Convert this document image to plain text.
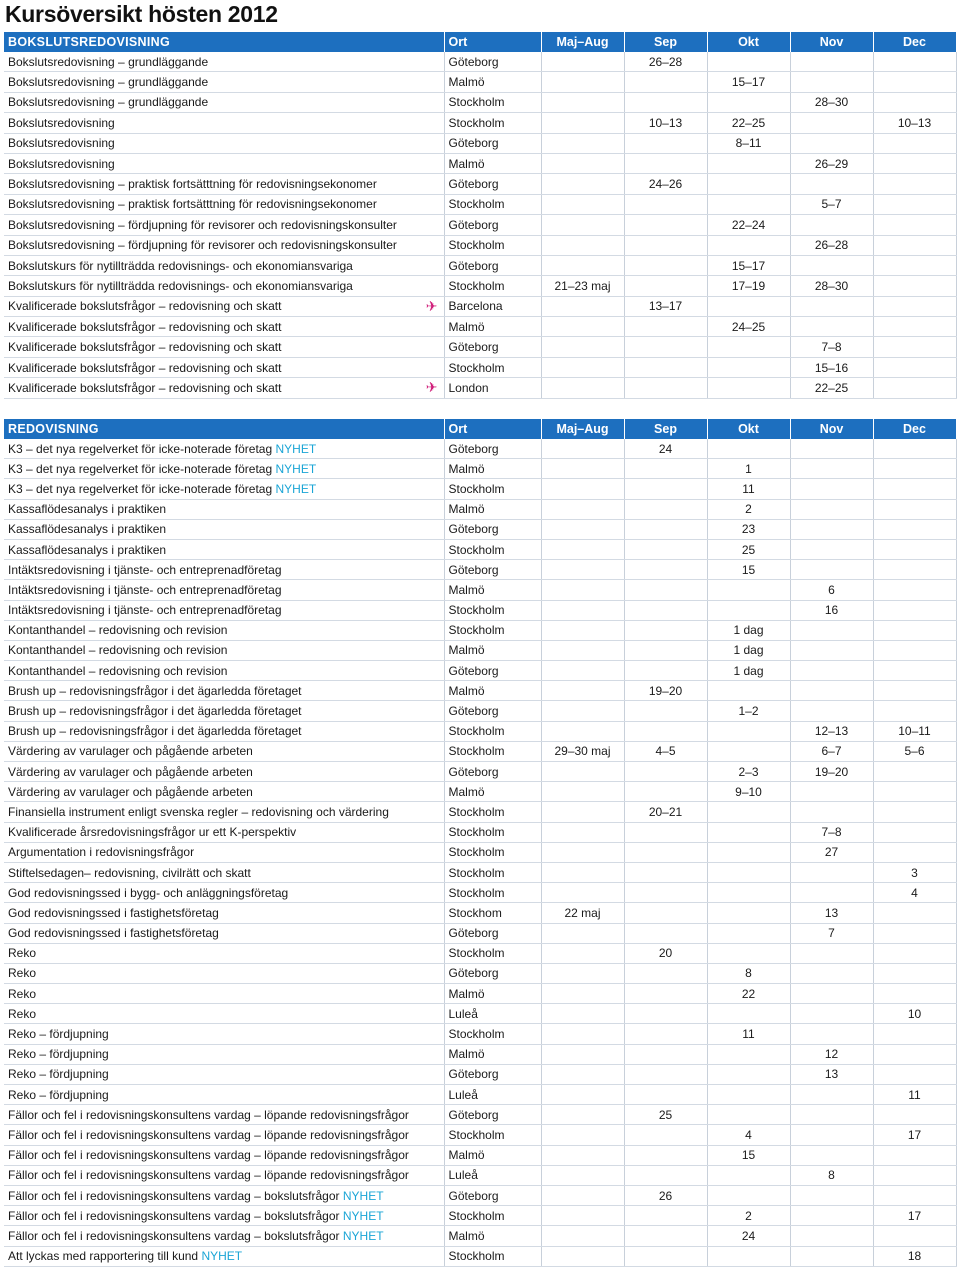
Kursöversikt hösten 2012
BOKSLUTSREDOVISNING	Ort	Maj–Aug	Sep	Okt	Nov	Dec
Bokslutsredovisning – grundläggande	Göteborg		26–28			
Bokslutsredovisning – grundläggande	Malmö			15–17		
Bokslutsredovisning – grundläggande	Stockholm				28–30	
Bokslutsredovisning	Stockholm		10–13	22–25		10–13
Bokslutsredovisning	Göteborg			8–11		
Bokslutsredovisning	Malmö				26–29	
Bokslutsredovisning – praktisk fortsätttning för redovisningsekonomer	Göteborg		24–26			
Bokslutsredovisning – praktisk fortsätttning för redovisningsekonomer	Stockholm				5–7	
Bokslutsredovisning – fördjupning för revisorer och redovisningskonsulter	Göteborg			22–24		
Bokslutsredovisning – fördjupning för revisorer och redovisningskonsulter	Stockholm				26–28	
Bokslutskurs för nytillträdda redovisnings- och ekonomiansvariga	Göteborg			15–17		
Bokslutskurs för nytillträdda redovisnings- och ekonomiansvariga	Stockholm	21–23 maj		17–19	28–30	
Kvalificerade bokslutsfrågor – redovisning och skatt ✈	Barcelona		13–17			
Kvalificerade bokslutsfrågor – redovisning och skatt	Malmö			24–25		
Kvalificerade bokslutsfrågor – redovisning och skatt	Göteborg				7–8	
Kvalificerade bokslutsfrågor – redovisning och skatt	Stockholm				15–16	
Kvalificerade bokslutsfrågor – redovisning och skatt ✈	London				22–25	
REDOVISNING	Ort	Maj–Aug	Sep	Okt	Nov	Dec
K3 – det nya regelverket för icke-noterade företag NYHET	Göteborg		24			
K3 – det nya regelverket för icke-noterade företag NYHET	Malmö			1		
K3 – det nya regelverket för icke-noterade företag NYHET	Stockholm			11		
Kassaflödesanalys i praktiken	Malmö			2		
Kassaflödesanalys i praktiken	Göteborg			23		
Kassaflödesanalys i praktiken	Stockholm			25		
Intäktsredovisning i tjänste- och entreprenadföretag	Göteborg			15		
Intäktsredovisning i tjänste- och entreprenadföretag	Malmö				6	
Intäktsredovisning i tjänste- och entreprenadföretag	Stockholm				16	
Kontanthandel – redovisning och revision	Stockholm			1 dag		
Kontanthandel – redovisning och revision	Malmö			1 dag		
Kontanthandel – redovisning och revision	Göteborg			1 dag		
Brush up – redovisningsfrågor i det ägarledda företaget	Malmö		19–20			
Brush up – redovisningsfrågor i det ägarledda företaget	Göteborg			1–2		
Brush up – redovisningsfrågor i det ägarledda företaget	Stockholm				12–13	10–11
Värdering av varulager och pågående arbeten	Stockholm	29–30 maj	4–5		6–7	5–6
Värdering av varulager och pågående arbeten	Göteborg			2–3	19–20	
Värdering av varulager och pågående arbeten	Malmö			9–10		
Finansiella instrument enligt svenska regler – redovisning och värdering	Stockholm		20–21			
Kvalificerade årsredovisningsfrågor ur ett K-perspektiv	Stockholm				7–8	
Argumentation i redovisningsfrågor	Stockholm				27	
Stiftelsedagen– redovisning, civilrätt och skatt	Stockholm					3
God redovisningssed i bygg- och anläggningsföretag	Stockholm					4
God redovisningssed i fastighetsföretag	Stockhom	22 maj			13	
God redovisningssed i fastighetsföretag	Göteborg				7	
Reko	Stockholm		20			
Reko	Göteborg			8		
Reko	Malmö			22		
Reko	Luleå					10
Reko – fördjupning	Stockholm			11		
Reko – fördjupning	Malmö				12	
Reko – fördjupning	Göteborg				13	
Reko – fördjupning	Luleå					11
Fällor och fel i redovisningskonsultens vardag – löpande redovisningsfrågor	Göteborg		25			
Fällor och fel i redovisningskonsultens vardag – löpande redovisningsfrågor	Stockholm			4		17
Fällor och fel i redovisningskonsultens vardag – löpande redovisningsfrågor	Malmö			15		
Fällor och fel i redovisningskonsultens vardag – löpande redovisningsfrågor	Luleå				8	
Fällor och fel i redovisningskonsultens vardag – bokslutsfrågor NYHET	Göteborg		26			
Fällor och fel i redovisningskonsultens vardag – bokslutsfrågor NYHET	Stockholm			2		17
Fällor och fel i redovisningskonsultens vardag – bokslutsfrågor NYHET	Malmö			24		
Att lyckas med rapportering till kund NYHET	Stockholm					18
